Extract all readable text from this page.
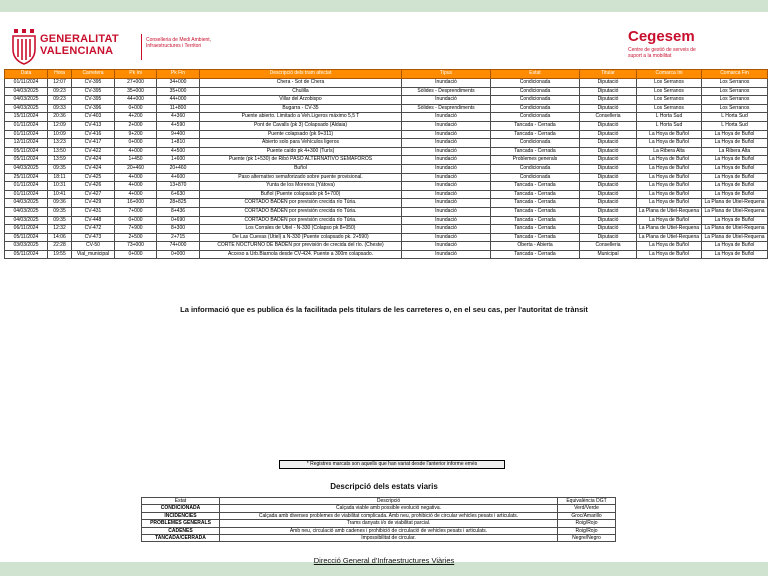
GENERALITAT
VALENCIANA
Conselleria de Medi Ambient,
Infraestructures i Territori
Cegesem
Centre de gestió de serveis de
suport a la mobilitat
Data	Hora	Carretera	Pk Ini	Pk Fin	Descripció dels tram afectat	Tipus	Estat	Titular	Comarca Ini	Comarca Fin
01/11/2024	12:07	CV-395	27+000	34+000	Chera - Sot de Chera	Inundació	Condicionada	Diputació	Los Serranos	Los Serranos
04/03/2025	09:23	CV-395	35+000	35+000	Chulilla	Sòlides - Desprendiments	Condicionada	Diputació	Los Serranos	Los Serranos
04/03/2025	09:23	CV-395	44+000	44+000	Villar del Arzobispo	Inundació	Condicionada	Diputació	Los Serranos	Los Serranos
04/03/2025	09:33	CV-396	0+000	11+800	Bugarra - CV-35	Sòlides - Desprendiments	Condicionada	Diputació	Los Serranos	Los Serranos
15/11/2024	20:36	CV-403	4+200	4+360	Puente abierto. Limitado a Veh.Ligeros máximo 5,5 T	Inundació	Condicionada	Conselleria	L Horta Sud	L Horta Sud
01/11/2024	12:09	CV-413	2+000	4+590	Pont de Cavalls (pk 3) Colapsado (Aldaia)	Inundació	Tancada - Cerrada	Diputació	L Horta Sud	L Horta Sud
01/11/2024	10:09	CV-416	9+200	9+400	Puente colapsado (pk 9+311)	Inundació	Tancada - Cerrada	Diputació	La Hoya de Buñol	La Hoya de Buñol
12/11/2024	13:23	CV-417	0+000	1+810	Abierto solo para Vehículos ligeros	Inundació	Condicionada	Diputació	La Hoya de Buñol	La Hoya de Buñol
05/11/2024	13:50	CV-422	4+000	4+500	Puente caído pk 4+300 (Turís)	Inundació	Tancada - Cerrada	Diputació	La Ribera Alta	La Ribera Alta
05/11/2024	13:59	CV-424	1+450	1+600	Puente (pk 1+530) de Ribó PASO ALTERNATIVO SEMAFOROS	Inundació	Problemes generals	Diputació	La Hoya de Buñol	La Hoya de Buñol
04/03/2025	09:35	CV-424	20+460	20+460	Buñol	Inundació	Condicionada	Diputació	La Hoya de Buñol	La Hoya de Buñol
25/11/2024	18:11	CV-425	4+000	4+600	Paso alternativo semaforizado sobre puente provisional.	Inundació	Condicionada	Diputació	La Hoya de Buñol	La Hoya de Buñol
01/11/2024	10:31	CV-426	4+000	13+870	Yunta de los Morenos (Yátova)	Inundació	Tancada - Cerrada	Diputació	La Hoya de Buñol	La Hoya de Buñol
01/11/2024	10:41	CV-427	4+000	6+630	Buñol (Puente colapsado pk 5+700)	Inundació	Tancada - Cerrada	Diputació	La Hoya de Buñol	La Hoya de Buñol
04/03/2025	09:36	CV-429	16+000	28+825	CORTADO BADÉN por previsión crecida río Túria.	Inundació	Tancada - Cerrada	Diputació	La Hoya de Buñol	La Plana de Utiel-Requena
04/03/2025	09:35	CV-431	7+000	8+436	CORTADO BADÉN por previsión crecida río Túria.	Inundació	Tancada - Cerrada	Diputació	La Plana de Utiel-Requena	La Plana de Utiel-Requena
04/03/2025	09:35	CV-448	0+000	0+690	CORTADO BADÉN por previsión crecida río Túria.	Inundació	Tancada - Cerrada	Diputació	La Hoya de Buñol	La Hoya de Buñol
06/11/2024	12:32	CV-472	7+900	8+300	Los Corrales de Utiel - N-330 (Colapso pk 8+050)	Inundació	Tancada - Cerrada	Diputació	La Plana de Utiel-Requena	La Plana de Utiel-Requena
05/11/2024	14:06	CV-473	2+500	2+715	De Las Cuevas (Utiel) a N-330 (Puente colapsado pk. 2+590)	Inundació	Tancada - Cerrada	Diputació	La Plana de Utiel-Requena	La Plana de Utiel-Requena
03/03/2025	22:28	CV-50	73+000	74+000	CORTE NOCTURNO DE BADÉN por previsión de crecida del río. (Cheste)	Inundació	Oberta - Abierta	Conselleria	La Hoya de Buñol	La Hoya de Buñol
05/11/2024	19:55	Vial_municipal	0+000	0+000	Acceso a Urb.Biarnola desde CV-424. Puente a 300m colapsado.	Inundació	Tancada - Cerrada	Municipal	La Hoya de Buñol	La Hoya de Buñol
La informació que es publica és la facilitada pels titulars de les carreteres o, en el seu cas, per l'autoritat de trànsit
* Registres marcats son aquells que han variat desde l'anterior informe emès
Descripció dels estats viaris
Estat	Descripció	Equivalència DGT
CONDICIONADA	Calçada viable amb possible evolució negativa.	Verd/Verde
INCIDÈNCIES	Calçada amb diverses problemes de viabilitat complicada. Amb neu, prohibició de circular vehicles pesats i articulats.	Groc/Amarillo
PROBLEMES GENERALS	Trams danyats i/o de viabilitat parcial.	Roig/Rojo
CADENES	Amb neu, circulació amb cadenes i prohibició de circulació de vehicles pesats i articulats.	Roig/Rojo
TANCADA/CERRADA	Impossibilitat de circular.	Negre/Negro
Direcció General d'Infraestructures Viàries
